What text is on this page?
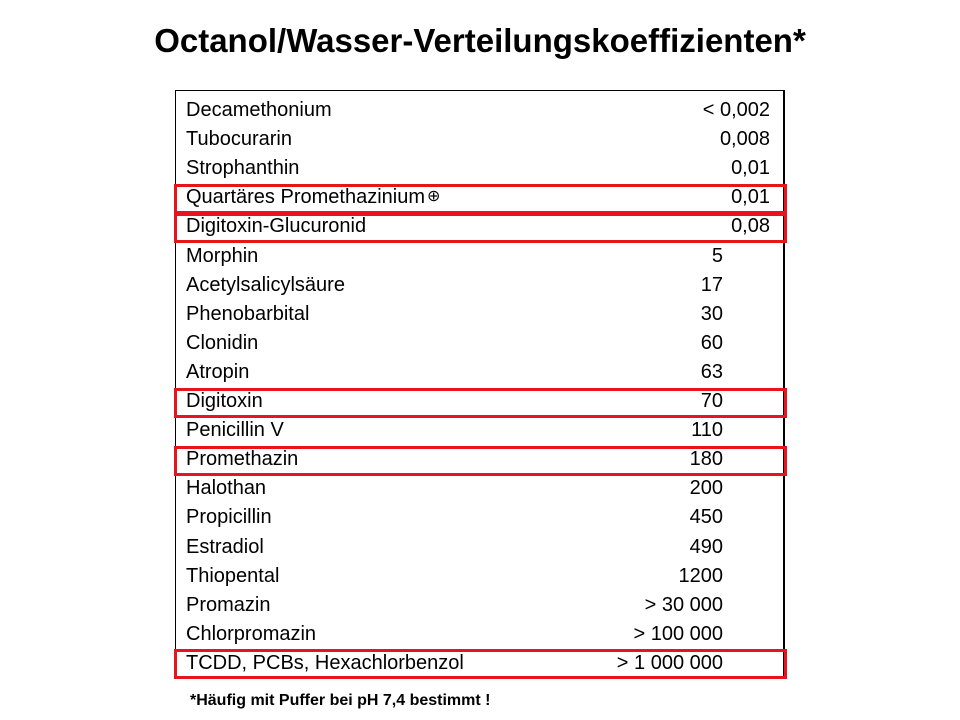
Octanol/Wasser-Verteilungskoeffizienten*
Decamethonium	< 0,002
Tubocurarin	0,008
Strophanthin	0,01
Quartäres Promethazinium ⊕	0,01
Digitoxin-Glucuronid	0,08
Morphin	5
Acetylsalicylsäure	17
Phenobarbital	30
Clonidin	60
Atropin	63
Digitoxin	70
Penicillin V	110
Promethazin	180
Halothan	200
Propicillin	450
Estradiol	490
Thiopental	1200
Promazin	> 30 000
Chlorpromazin	> 100 000
TCDD, PCBs, Hexachlorbenzol	> 1 000 000
*Häufig mit Puffer bei pH 7,4 bestimmt !
